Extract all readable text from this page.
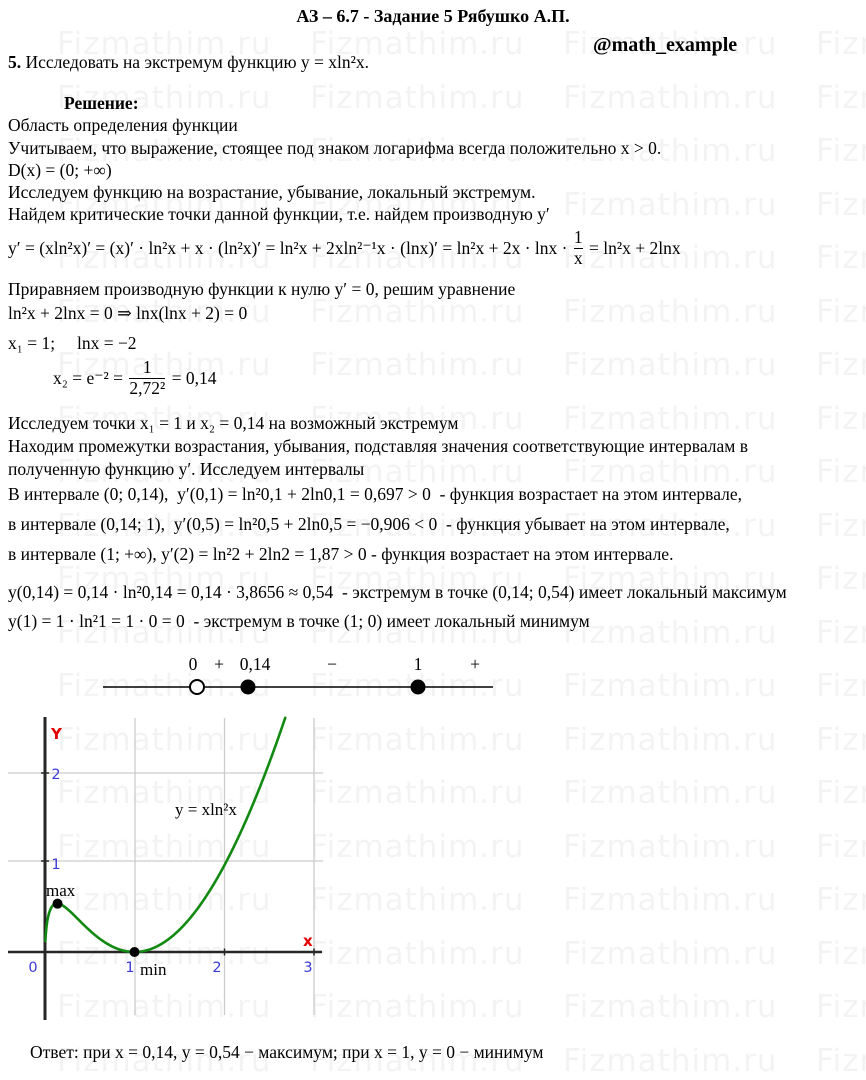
АЗ – 6.7 - Задание 5 Рябушко А.П.
@math_example
5. Исследовать на экстремум функцию y = xln²x.
Решение:
Область определения функции
Учитываем, что выражение, стоящее под знаком логарифма всегда положительно x > 0.
D(x) = (0; +∞)
Исследуем функцию на возрастание, убывание, локальный экстремум.
Найдем критические точки данной функции, т.е. найдем производную y′
$y' = (xln^2x)' = (x)' \cdot \ln^2x + x \cdot (\ln^2x)' = \ln^2x + 2xln^{2-1}x \cdot (\ln x)' = \ln^2x + 2x \cdot \ln x \cdot \frac{1}{x} = \ln^2x + 2\ln x$
Приравняем производную функции к нулю y′ = 0, решим уравнение
ln²x + 2lnx = 0 ⇒ lnx(lnx + 2) = 0
x₁ = 1;     lnx = −2
$x_2 = e^{-2} = \frac{1}{\text{2,72²}} = 0,14$
Исследуем точки x₁ = 1 и x₂ = 0,14 на возможный экстремум
Находим промежутки возрастания, убывания, подставляя значения соответствующие интервалам в
полученную функцию y′. Исследуем интервалы
В интервале (0; 0,14),  y′(0,1) = ln²0,1 + 2ln0,1 = 0,697 > 0  - функция возрастает на этом интервале,
в интервале (0,14; 1),  y′(0,5) = ln²0,5 + 2ln0,5 = −0,906 < 0  - функция убывает на этом интервале,
в интервале (1; +∞), y′(2) = ln²2 + 2ln2 = 1,87 > 0 - функция возрастает на этом интервале.
y(0,14) = 0,14 · ln²0,14 = 0,14 · 3,8656 ≈ 0,54  - экстремум в точке (0,14; 0,54) имеет локальный максимум
y(1) = 1 · ln²1 = 1 · 0 = 0  - экстремум в точке (1; 0) имеет локальный минимум
0 + 0,14	−	1	+
Y
x
0	1	2	3
1
2
y = xln²x
max
min
Ответ: при x = 0,14, y = 0,54 − максимум; при x = 1, y = 0 − минимум
